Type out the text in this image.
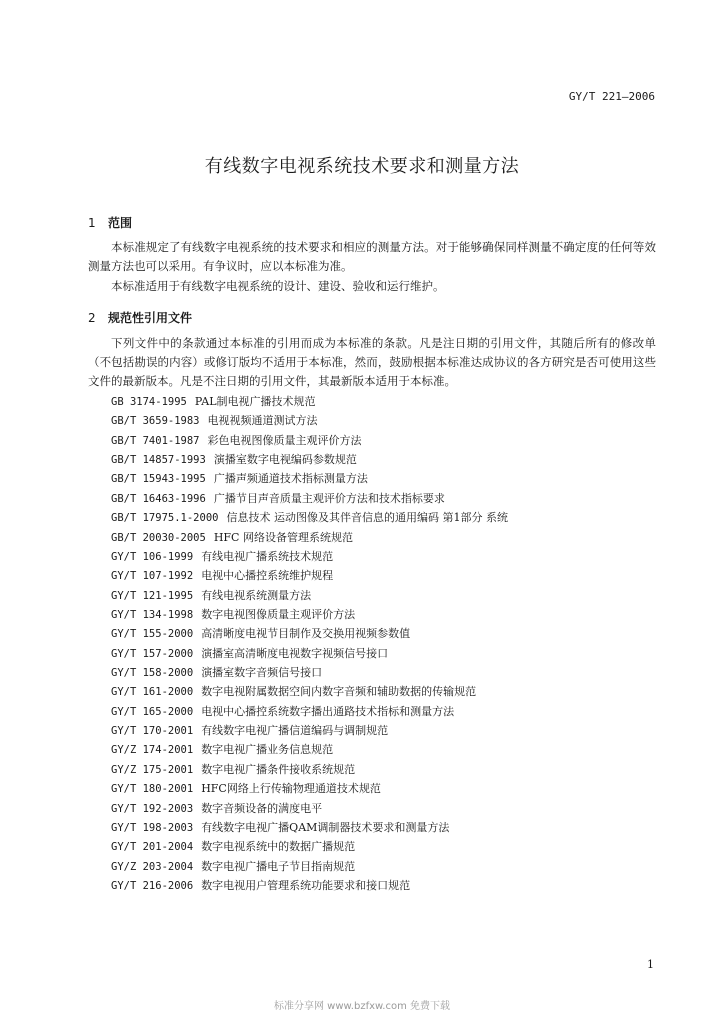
GY/T 221—2006
有线数字电视系统技术要求和测量方法
1 范围
本标准规定了有线数字电视系统的技术要求和相应的测量方法。对于能够确保同样测量不确定度的任何等效测量方法也可以采用。有争议时，应以本标准为准。
本标准适用于有线数字电视系统的设计、建设、验收和运行维护。
2 规范性引用文件
下列文件中的条款通过本标准的引用而成为本标准的条款。凡是注日期的引用文件，其随后所有的修改单（不包括勘误的内容）或修订版均不适用于本标准，然而，鼓励根据本标准达成协议的各方研究是否可使用这些文件的最新版本。凡是不注日期的引用文件，其最新版本适用于本标准。
GB 3174-1995 PAL制电视广播技术规范
GB/T 3659-1983 电视视频通道测试方法
GB/T 7401-1987 彩色电视图像质量主观评价方法
GB/T 14857-1993 演播室数字电视编码参数规范
GB/T 15943-1995 广播声频通道技术指标测量方法
GB/T 16463-1996 广播节目声音质量主观评价方法和技术指标要求
GB/T 17975.1-2000 信息技术 运动图像及其伴音信息的通用编码 第1部分 系统
GB/T 20030-2005 HFC 网络设备管理系统规范
GY/T 106-1999 有线电视广播系统技术规范
GY/T 107-1992 电视中心播控系统维护规程
GY/T 121-1995 有线电视系统测量方法
GY/T 134-1998 数字电视图像质量主观评价方法
GY/T 155-2000 高清晰度电视节目制作及交换用视频参数值
GY/T 157-2000 演播室高清晰度电视数字视频信号接口
GY/T 158-2000 演播室数字音频信号接口
GY/T 161-2000 数字电视附属数据空间内数字音频和辅助数据的传输规范
GY/T 165-2000 电视中心播控系统数字播出通路技术指标和测量方法
GY/T 170-2001 有线数字电视广播信道编码与调制规范
GY/Z 174-2001 数字电视广播业务信息规范
GY/Z 175-2001 数字电视广播条件接收系统规范
GY/T 180-2001 HFC网络上行传输物理通道技术规范
GY/T 192-2003 数字音频设备的满度电平
GY/T 198-2003 有线数字电视广播QAM调制器技术要求和测量方法
GY/T 201-2004 数字电视系统中的数据广播规范
GY/Z 203-2004 数字电视广播电子节目指南规范
GY/T 216-2006 数字电视用户管理系统功能要求和接口规范
1
标准分享网 www.bzfxw.com 免费下载
